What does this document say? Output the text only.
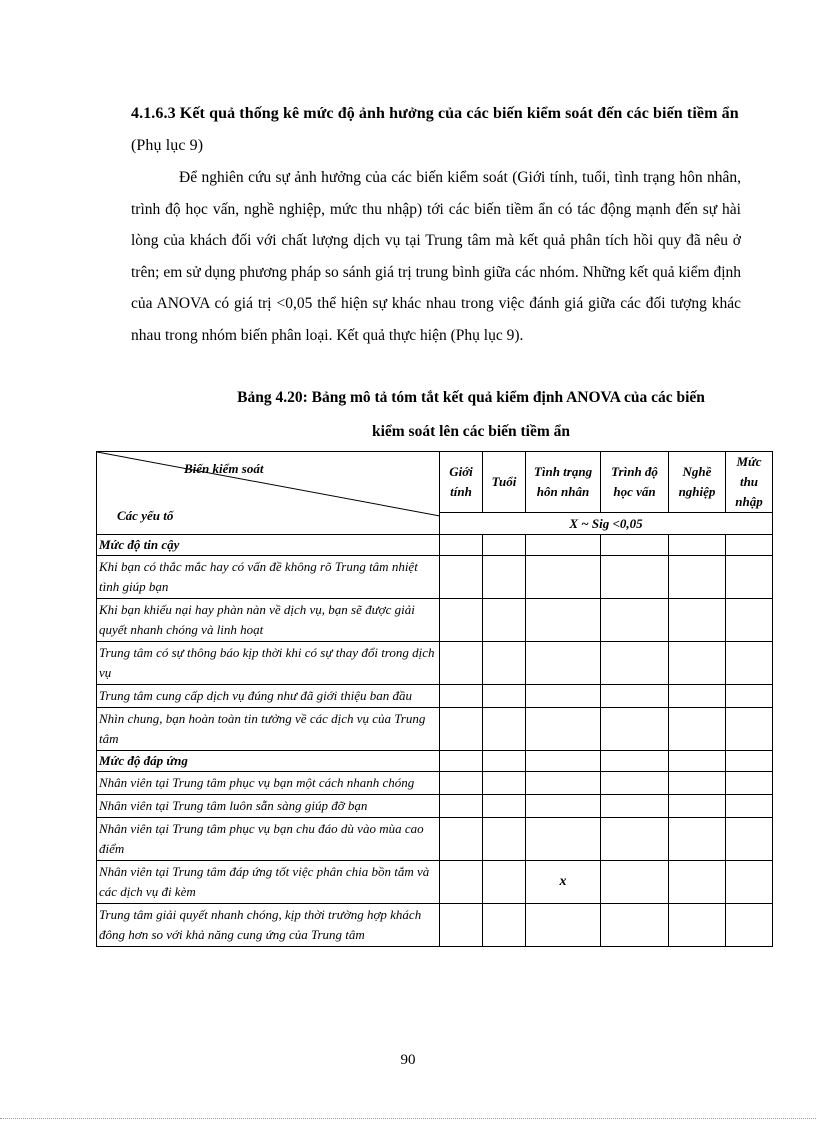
4.1.6.3 Kết quả thống kê mức độ ảnh hưởng của các biến kiểm soát đến các biến tiềm ẩn (Phụ lục 9)
Để nghiên cứu sự ảnh hưởng của các biến kiểm soát (Giới tính, tuổi, tình trạng hôn nhân, trình độ học vấn, nghề nghiệp, mức thu nhập) tới các biến tiềm ẩn có tác động mạnh đến sự hài lòng của khách đối với chất lượng dịch vụ tại Trung tâm mà kết quả phân tích hồi quy đã nêu ở trên; em sử dụng phương pháp so sánh giá trị trung bình giữa các nhóm. Những kết quả kiểm định của ANOVA có giá trị <0,05 thể hiện sự khác nhau trong việc đánh giá giữa các đối tượng khác nhau trong nhóm biến phân loại. Kết quả thực hiện (Phụ lục 9).
Bảng 4.20: Bảng mô tả tóm tắt kết quả kiểm định ANOVA của các biến
kiểm soát lên các biến tiềm ẩn
Biến kiểm soát
Các yếu tố	Giới tính	Tuổi	Tình trạng hôn nhân	Trình độ học vấn	Nghề nghiệp	Mức thu nhập
	X ~ Sig <0,05					
Mức độ tin cậy						
Khi bạn có thắc mắc hay có vấn đề không rõ Trung tâm nhiệt tình giúp bạn						
Khi bạn khiếu nại hay phàn nàn về dịch vụ, bạn sẽ được giải quyết nhanh chóng và linh hoạt						
Trung tâm có sự thông báo kịp thời khi có sự thay đổi trong dịch vụ						
Trung tâm cung cấp dịch vụ đúng như đã giới thiệu ban đầu						
Nhìn chung, bạn hoàn toàn tin tưởng về các dịch vụ của Trung tâm						
Mức độ đáp ứng						
Nhân viên tại Trung tâm phục vụ bạn một cách nhanh chóng						
Nhân viên tại Trung tâm luôn sẵn sàng giúp đỡ bạn						
Nhân viên tại Trung tâm phục vụ bạn chu đáo dù vào mùa cao điểm						
Nhân viên tại Trung tâm đáp ứng tốt việc phân chia bồn tắm và các dịch vụ đi kèm			x			
Trung tâm giải quyết nhanh chóng, kịp thời trường hợp khách đông hơn so với khả năng cung ứng của Trung tâm						
90
